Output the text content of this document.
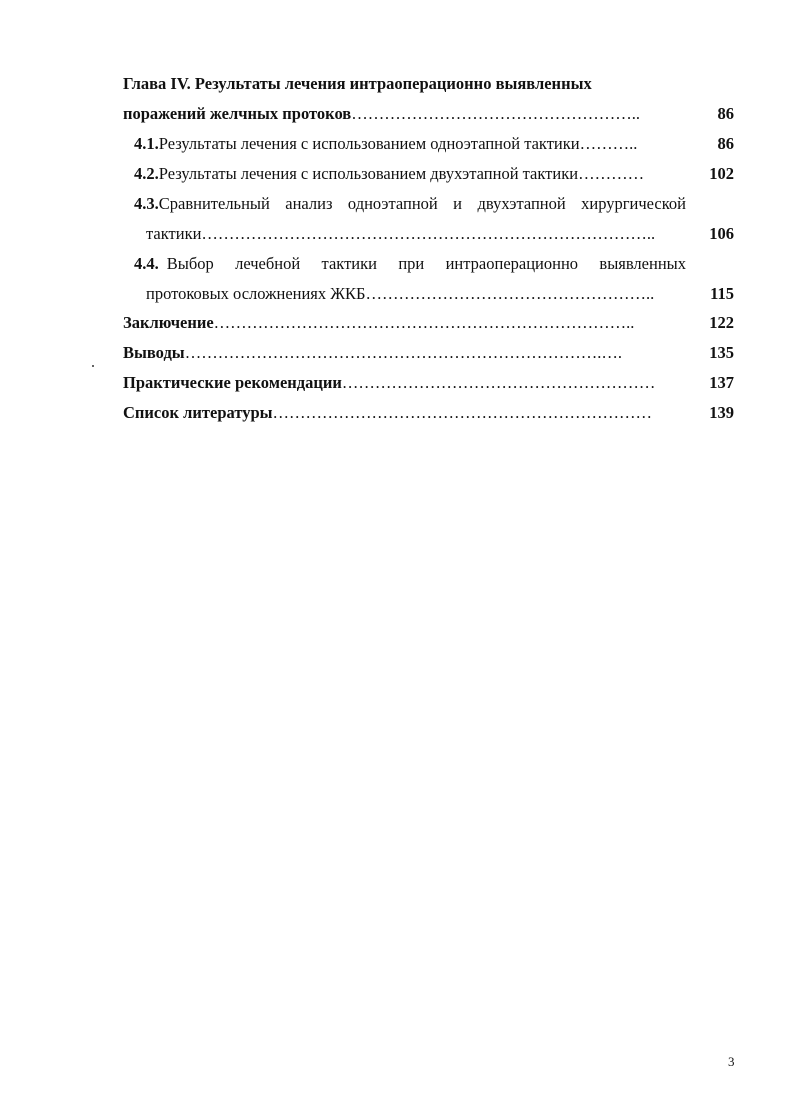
Глава IV. Результаты лечения интраоперационно выявленных
поражений желчных протоков ……………………………………………..	86
4.1. Результаты лечения с использованием одноэтапной тактики ………..	86
4.2. Результаты лечения с использованием двухэтапной тактики …………	102
4.3. Сравнительный анализ одноэтапной и двухэтапной хирургической
тактики ………………………………………………………………………..	106
4.4. Выбор лечебной тактики при интраоперационно выявленных
протоковых осложнениях ЖКБ ……………………………………………..	115
Заключение …………………………………………………………………..	122
Выводы ………………………………………………………………….….	135
Практические рекомендации …………………………………………………	137
Список литературы ……………………………………………………………	139
3
